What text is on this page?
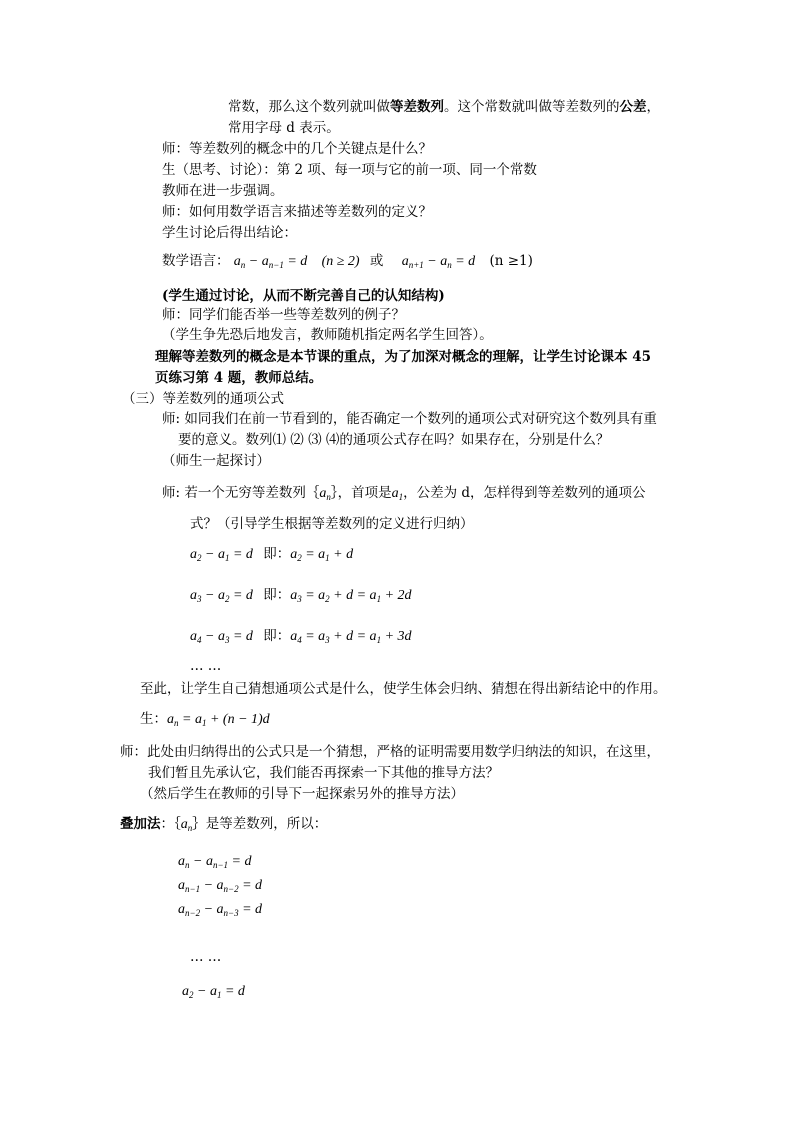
常数，那么这个数列就叫做等差数列。这个常数就叫做等差数列的公差，
常用字母 d 表示。
师：等差数列的概念中的几个关键点是什么？
生（思考、讨论）：第 2 项、每一项与它的前一项、同一个常数
教师在进一步强调。
师：如何用数学语言来描述等差数列的定义？
学生讨论后得出结论：
数学语言： $a_n - a_{n-1} = d$ (n ≥ 2) 或 $a_{n+1} - a_n = d$ (n ≥1)
(学生通过讨论，从而不断完善自己的认知结构)
师：同学们能否举一些等差数列的例子？
（学生争先恐后地发言，教师随机指定两名学生回答）。
理解等差数列的概念是本节课的重点，为了加深对概念的理解，让学生讨论课本 45
页练习第 4 题，教师总结。
（三）等差数列的通项公式
师: 如同我们在前一节看到的，能否确定一个数列的通项公式对研究这个数列具有重
要的意义。数列⑴ ⑵ ⑶ ⑷的通项公式存在吗？如果存在，分别是什么？
（师生一起探讨）
师: 若一个无穷等差数列$\{a_n\}$，首项是$a_1$，公差为 d，怎样得到等差数列的通项公
式？（引导学生根据等差数列的定义进行归纳）
$a_2 - a_1 = d$ 即：$a_2 = a_1 + d$
$a_3 - a_2 = d$ 即：$a_3 = a_2 + d = a_1 + 2d$
$a_4 - a_3 = d$ 即：$a_4 = a_3 + d = a_1 + 3d$
… …
至此，让学生自己猜想通项公式是什么，使学生体会归纳、猜想在得出新结论中的作用。
生：$a_n = a_1 + (n - 1)d$
师：此处由归纳得出的公式只是一个猜想，严格的证明需要用数学归纳法的知识，在这里，
我们暂且先承认它，我们能否再探索一下其他的推导方法？
（然后学生在教师的引导下一起探索另外的推导方法）
叠加法：$\{a_n\}$是等差数列，所以：
$a_n - a_{n-1} = d$
$a_{n-1} - a_{n-2} = d$
$a_{n-2} - a_{n-3} = d$
… …
$a_2 - a_1 = d$
